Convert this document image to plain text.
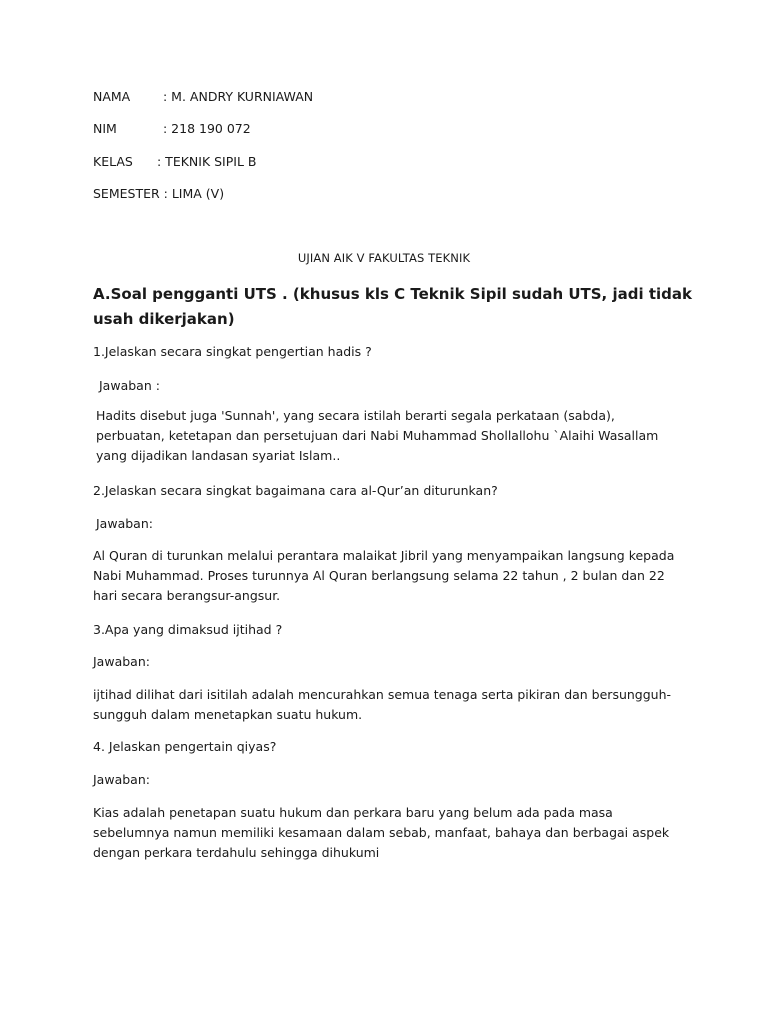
NAMA	: M. ANDRY KURNIAWAN
NIM	: 218 190 072
KELAS : TEKNIK SIPIL B
SEMESTER : LIMA (V)
UJIAN AIK V FAKULTAS TEKNIK
A.Soal pengganti UTS . (khusus kls C Teknik Sipil sudah UTS, jadi tidak usah dikerjakan)
1.Jelaskan secara singkat pengertian hadis ?
Jawaban :
Hadits disebut juga 'Sunnah', yang secara istilah berarti segala perkataan (sabda), perbuatan, ketetapan dan persetujuan dari Nabi Muhammad Shollallohu `Alaihi Wasallam yang dijadikan landasan syariat Islam..
2.Jelaskan secara singkat bagaimana cara al-Qur’an diturunkan?
Jawaban:
Al Quran di turunkan melalui perantara malaikat Jibril yang menyampaikan langsung kepada Nabi Muhammad. Proses turunnya Al Quran berlangsung selama 22 tahun , 2 bulan dan 22 hari secara berangsur-angsur.
3.Apa yang dimaksud ijtihad ?
Jawaban:
ijtihad dilihat dari isitilah adalah mencurahkan semua tenaga serta pikiran dan bersungguh-sungguh dalam menetapkan suatu hukum.
4. Jelaskan pengertain qiyas?
Jawaban:
Kias adalah penetapan suatu hukum dan perkara baru yang belum ada pada masa sebelumnya namun memiliki kesamaan dalam sebab, manfaat, bahaya dan berbagai aspek dengan perkara terdahulu sehingga dihukumi
